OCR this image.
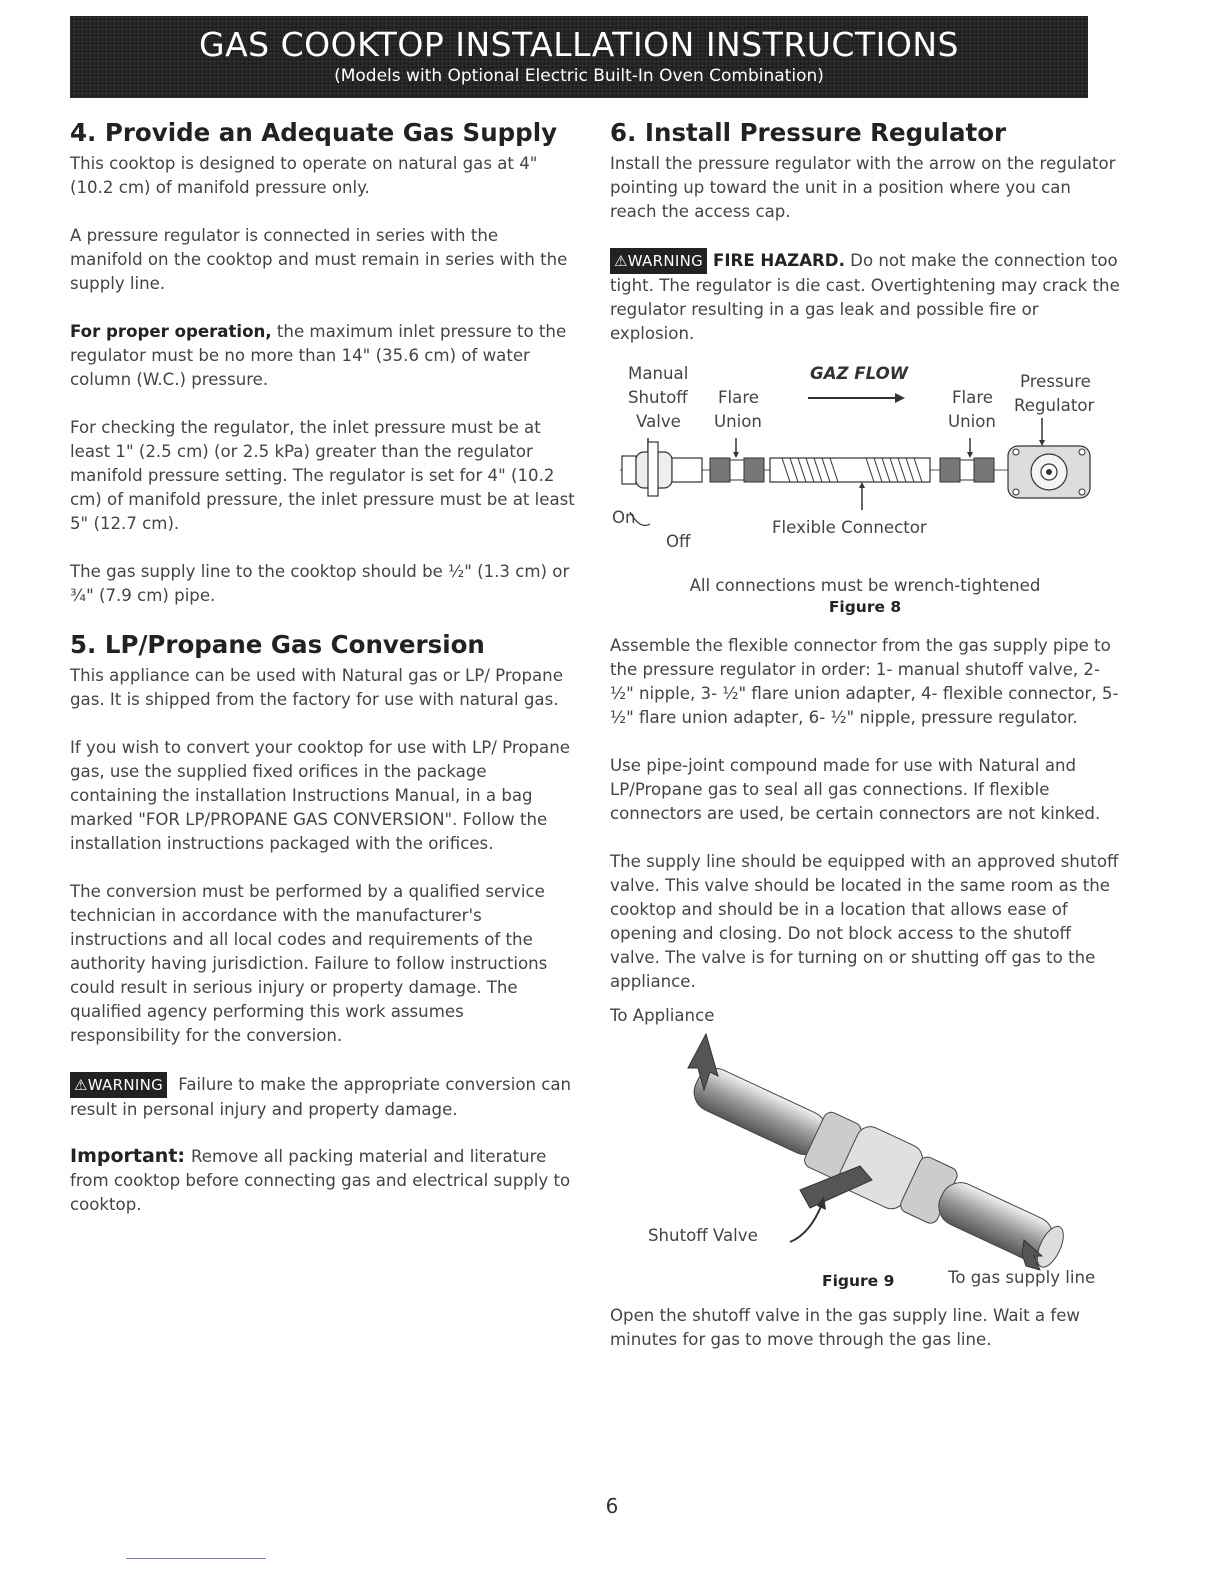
GAS COOKTOP INSTALLATION INSTRUCTIONS
(Models with Optional Electric Built-In Oven Combination)
4. Provide an Adequate Gas Supply

This cooktop is designed to operate on natural gas at 4" (10.2 cm) of manifold pressure only.

A pressure regulator is connected in series with the manifold on the cooktop and must remain in series with the supply line.

For proper operation, the maximum inlet pressure to the regulator must be no more than 14" (35.6 cm) of water column (W.C.) pressure.

For checking the regulator, the inlet pressure must be at least 1" (2.5 cm) (or 2.5 kPa) greater than the regulator manifold pressure setting. The regulator is set for 4" (10.2 cm) of manifold pressure, the inlet pressure must be at least 5" (12.7 cm).

The gas supply line to the cooktop should be ½" (1.3 cm) or ¾" (7.9 cm) pipe.

5. LP/Propane Gas Conversion

This appliance can be used with Natural gas or LP/ Propane gas. It is shipped from the factory for use with natural gas.

If you wish to convert your cooktop for use with LP/ Propane gas, use the supplied fixed orifices in the package containing the installation Instructions Manual, in a bag marked "FOR LP/PROPANE GAS CONVERSION". Follow the installation instructions packaged with the orifices.

The conversion must be performed by a qualified service technician in accordance with the manufacturer's instructions and all local codes and requirements of the authority having jurisdiction. Failure to follow instructions could result in serious injury or property damage. The qualified agency performing this work assumes responsibility for the conversion.

⚠WARNING Failure to make the appropriate conversion can result in personal injury and property damage.

Important: Remove all packing material and literature from cooktop before connecting gas and electrical supply to cooktop.

6. Install Pressure Regulator

Install the pressure regulator with the arrow on the regulator pointing up toward the unit in a position where you can reach the access cap.

⚠WARNING FIRE HAZARD. Do not make the connection too tight. The regulator is die cast. Overtightening may crack the regulator resulting in a gas leak and possible fire or explosion.

Manual
Shutoff
Valve
Flare
Union
GAZ FLOW
Flare
Union
Pressure
Regulator
On
Off
Flexible Connector

All connections must be wrench-tightened

Figure 8

Assemble the flexible connector from the gas supply pipe to the pressure regulator in order: 1- manual shutoff valve, 2- ½" nipple, 3- ½" flare union adapter, 4- flexible connector, 5- ½" flare union adapter, 6- ½" nipple, pressure regulator.

Use pipe-joint compound made for use with Natural and LP/Propane gas to seal all gas connections. If flexible connectors are used, be certain connectors are not kinked.

The supply line should be equipped with an approved shutoff valve. This valve should be located in the same room as the cooktop and should be in a location that allows ease of opening and closing. Do not block access to the shutoff valve. The valve is for turning on or shutting off gas to the appliance.

To Appliance

Shutoff Valve
Figure 9	To gas supply line

Open the shutoff valve in the gas supply line. Wait a few minutes for gas to move through the gas line.

6
